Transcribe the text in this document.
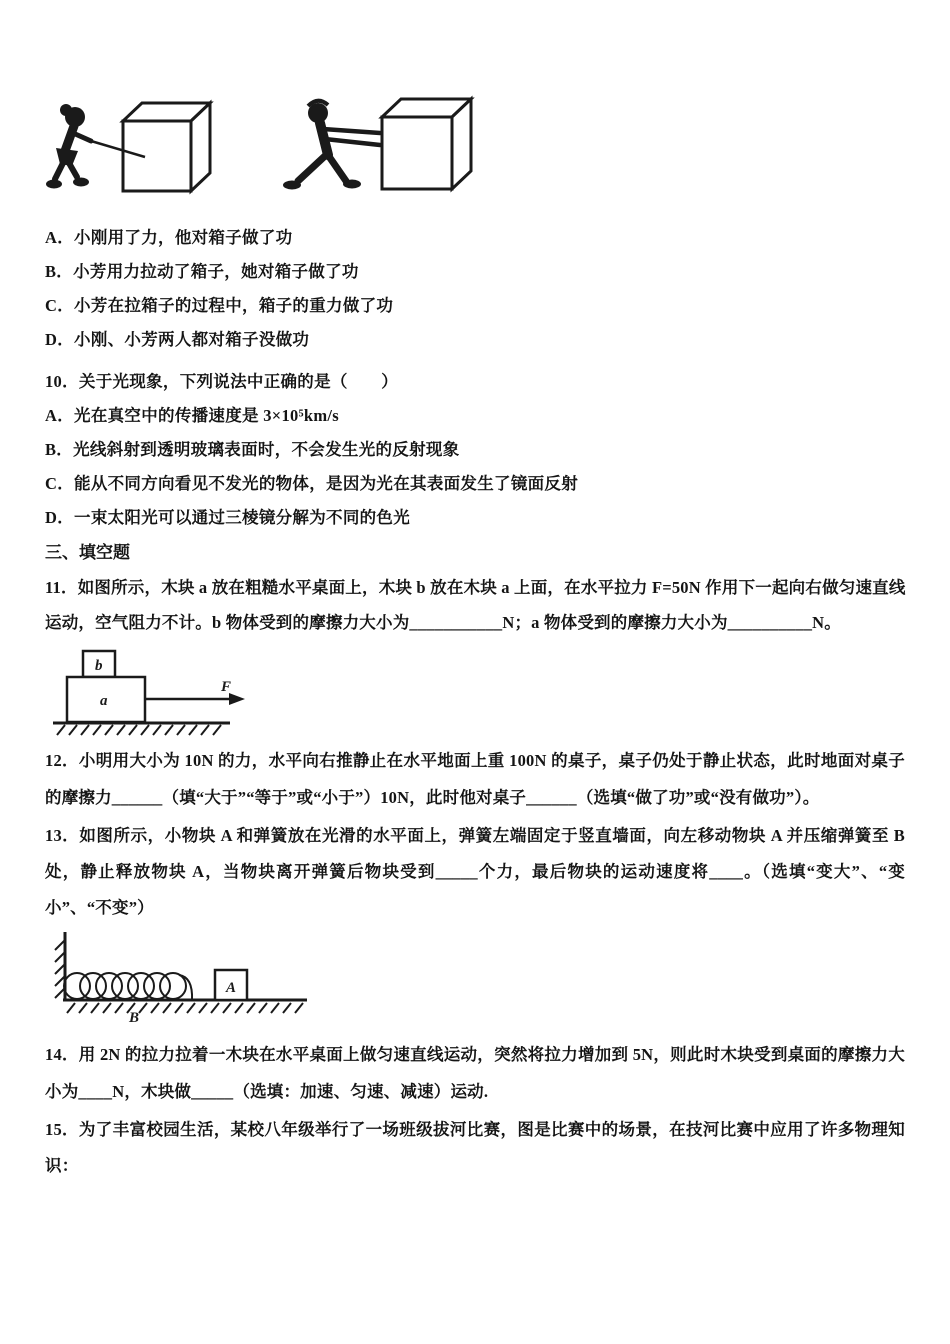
A．小刚用了力，他对箱子做了功
B．小芳用力拉动了箱子，她对箱子做了功
C．小芳在拉箱子的过程中，箱子的重力做了功
D．小刚、小芳两人都对箱子没做功
10．关于光现象，下列说法中正确的是（　　）
A．光在真空中的传播速度是 3×10⁵km/s
B．光线斜射到透明玻璃表面时，不会发生光的反射现象
C．能从不同方向看见不发光的物体，是因为光在其表面发生了镜面反射
D．一束太阳光可以通过三棱镜分解为不同的色光
三、填空题
11．如图所示，木块 a 放在粗糙水平桌面上，木块 b 放在木块 a 上面，在水平拉力 F=50N 作用下一起向右做匀速直线
运动，空气阻力不计。b 物体受到的摩擦力大小为___________N；a 物体受到的摩擦力大小为__________N。
b
a
F
12．小明用大小为 10N 的力，水平向右推静止在水平地面上重 100N 的桌子，桌子仍处于静止状态，此时地面对桌子
的摩擦力______（填“大于”“等于”或“小于”）10N，此时他对桌子______（选填“做了功”或“没有做功”）。
13．如图所示，小物块 A 和弹簧放在光滑的水平面上，弹簧左端固定于竖直墙面，向左移动物块 A 并压缩弹簧至 B
处，静止释放物块 A，当物块离开弹簧后物块受到_____个力，最后物块的运动速度将____。（选填“变大”、“变
小”、“不变”）
A
B
14．用 2N 的拉力拉着一木块在水平桌面上做匀速直线运动，突然将拉力增加到 5N，则此时木块受到桌面的摩擦力大
小为____N，木块做_____（选填：加速、匀速、减速）运动.
15．为了丰富校园生活，某校八年级举行了一场班级拔河比赛，图是比赛中的场景，在技河比赛中应用了许多物理知
识：
